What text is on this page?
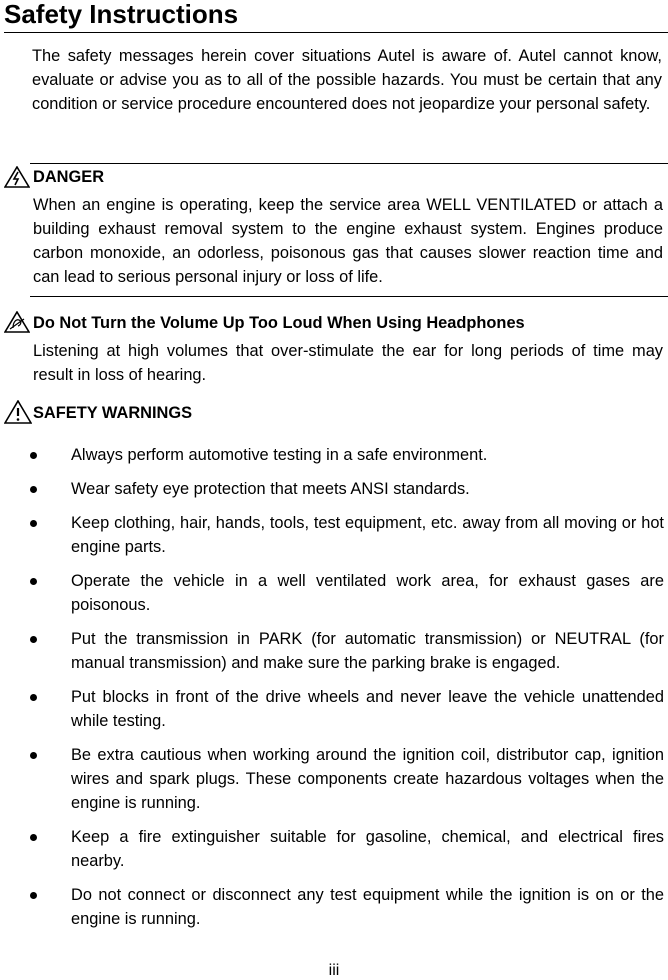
Safety Instructions
The safety messages herein cover situations Autel is aware of. Autel cannot know, evaluate or advise you as to all of the possible hazards. You must be certain that any condition or service procedure encountered does not jeopardize your personal safety.
DANGER
When an engine is operating, keep the service area WELL VENTILATED or attach a building exhaust removal system to the engine exhaust system. Engines produce carbon monoxide, an odorless, poisonous gas that causes slower reaction time and can lead to serious personal injury or loss of life.
Do Not Turn the Volume Up Too Loud When Using Headphones
Listening at high volumes that over-stimulate the ear for long periods of time may result in loss of hearing.
SAFETY WARNINGS
Always perform automotive testing in a safe environment.
Wear safety eye protection that meets ANSI standards.
Keep clothing, hair, hands, tools, test equipment, etc. away from all moving or hot engine parts.
Operate the vehicle in a well ventilated work area, for exhaust gases are poisonous.
Put the transmission in PARK (for automatic transmission) or NEUTRAL (for manual transmission) and make sure the parking brake is engaged.
Put blocks in front of the drive wheels and never leave the vehicle unattended while testing.
Be extra cautious when working around the ignition coil, distributor cap, ignition wires and spark plugs. These components create hazardous voltages when the engine is running.
Keep a fire extinguisher suitable for gasoline, chemical, and electrical fires nearby.
Do not connect or disconnect any test equipment while the ignition is on or the engine is running.
iii
